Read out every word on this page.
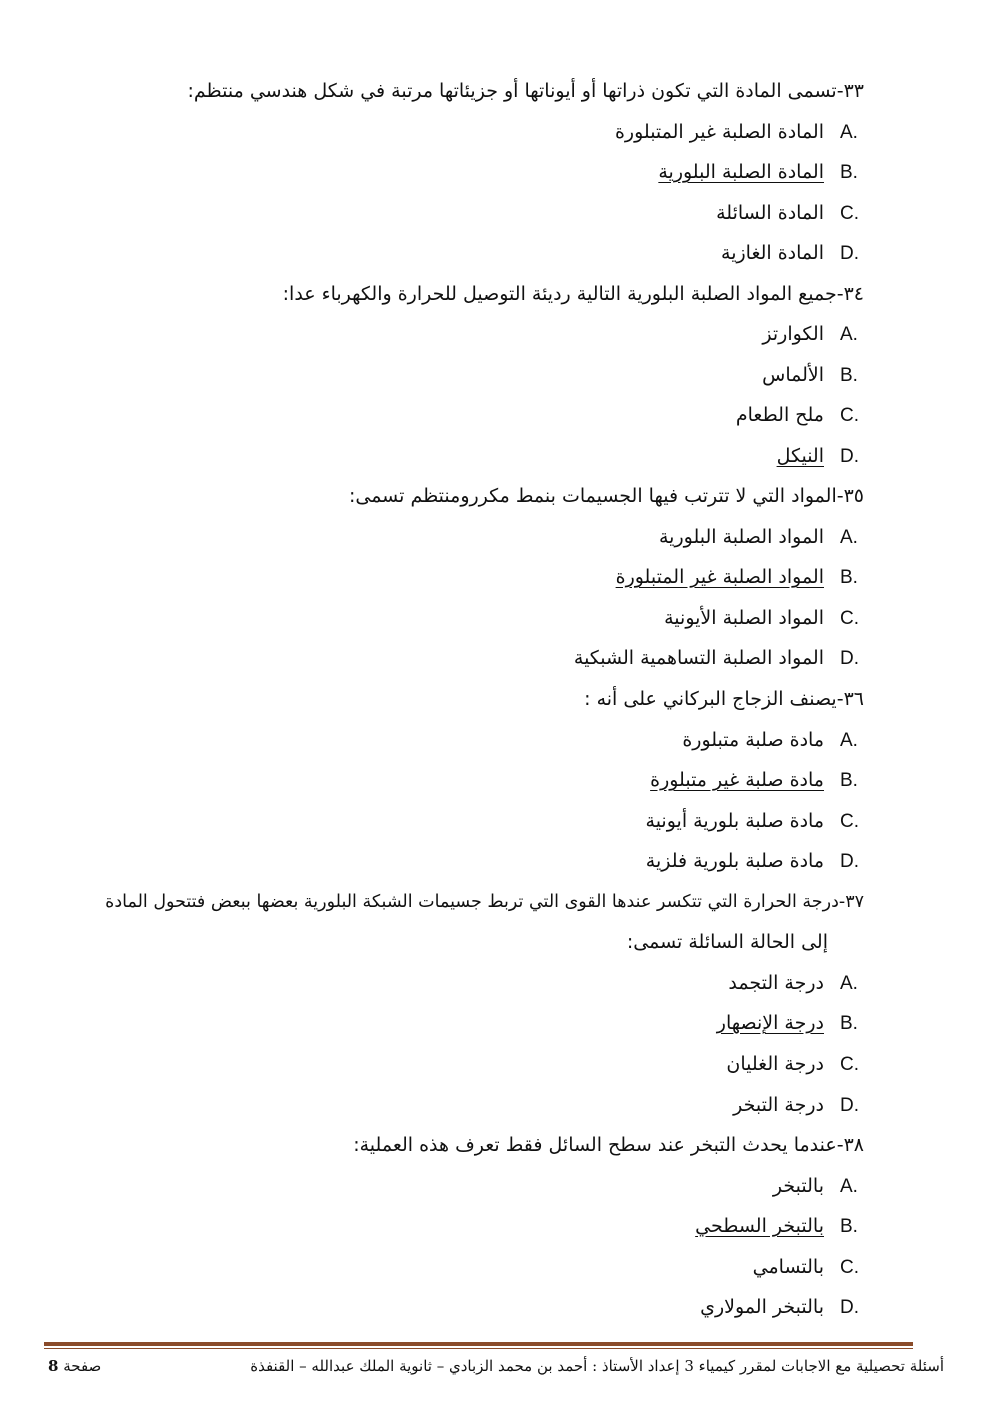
٣٣-تسمى المادة التي تكون ذراتها أو أيوناتها أو جزيئاتها مرتبة في شكل هندسي منتظم:
A.المادة الصلبة غير المتبلورة
B.المادة الصلبة البلورية
C.المادة السائلة
D.المادة الغازية
٣٤-جميع المواد الصلبة البلورية التالية رديئة التوصيل للحرارة والكهرباء عدا:
A.الكوارتز
B.الألماس
C.ملح الطعام
D.النيكل
٣٥-المواد التي لا تترتب فيها الجسيمات بنمط مكررومنتظم تسمى:
A.المواد الصلبة البلورية
B.المواد الصلبة غير المتبلورة
C.المواد الصلبة الأيونية
D.المواد الصلبة التساهمية الشبكية
٣٦-يصنف الزجاج البركاني على أنه :
A.مادة صلبة متبلورة
B.مادة صلبة غير متبلورة
C.مادة صلبة بلورية أيونية
D.مادة صلبة بلورية فلزية
٣٧-درجة الحرارة التي تتكسر عندها القوى التي تربط جسيمات الشبكة البلورية بعضها ببعض فتتحول المادة
إلى الحالة السائلة تسمى:
A.درجة التجمد
B.درجة الإنصهار
C.درجة الغليان
D.درجة التبخر
٣٨-عندما يحدث التبخر عند سطح السائل فقط تعرف هذه العملية:
A.بالتبخر
B.بالتبخر السطحي
C.بالتسامي
D.بالتبخر المولاري
أسئلة تحصيلية مع الاجابات لمقرر كيمياء 3 إعداد الأستاذ : أحمد بن محمد الزبادي – ثانوية الملك عبدالله – القنفذة
صفحة 8
